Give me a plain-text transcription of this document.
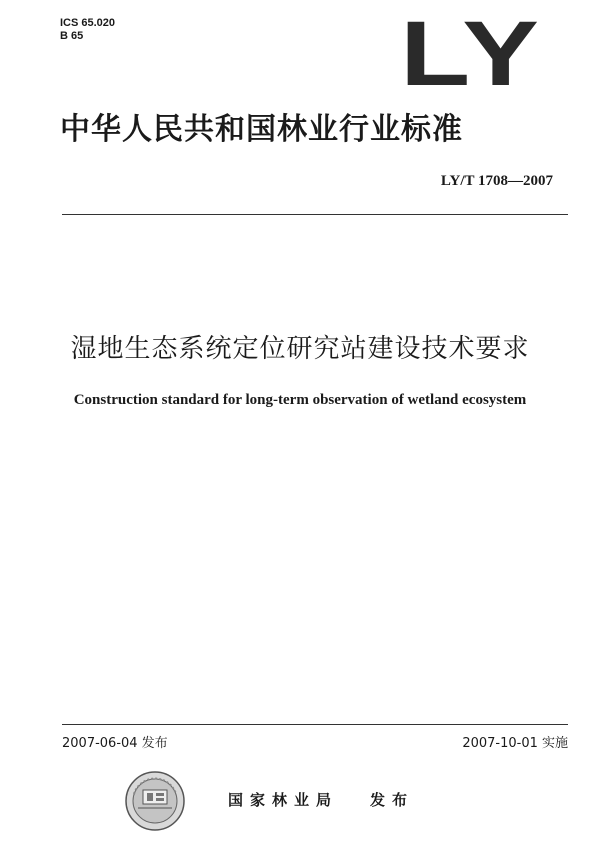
ICS 65.020
B 65	LY
中华人民共和国林业行业标准
LY/T 1708—2007
湿地生态系统定位研究站建设技术要求
Construction standard for long-term observation of wetland ecosystem
2007-06-04 发布	2007-10-01 实施
国家林业局 发布
